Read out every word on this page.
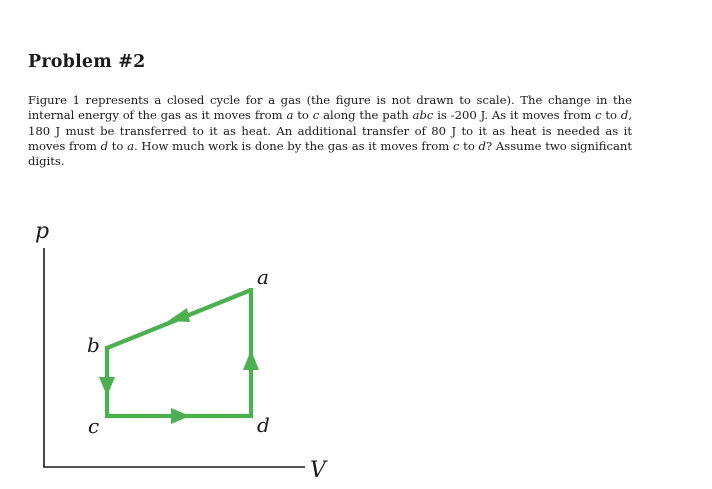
Problem #2

Figure 1 represents a closed cycle for a gas (the figure is not drawn to scale). The change in the internal energy of the gas as it moves from a to c along the path abc is -200 J. As it moves from c to d, 180 J must be transferred to it as heat. An additional transfer of 80 J to it as heat is needed as it moves from d to a. How much work is done by the gas as it moves from c to d? Assume two significant digits.

p
V
a
b
c	d
